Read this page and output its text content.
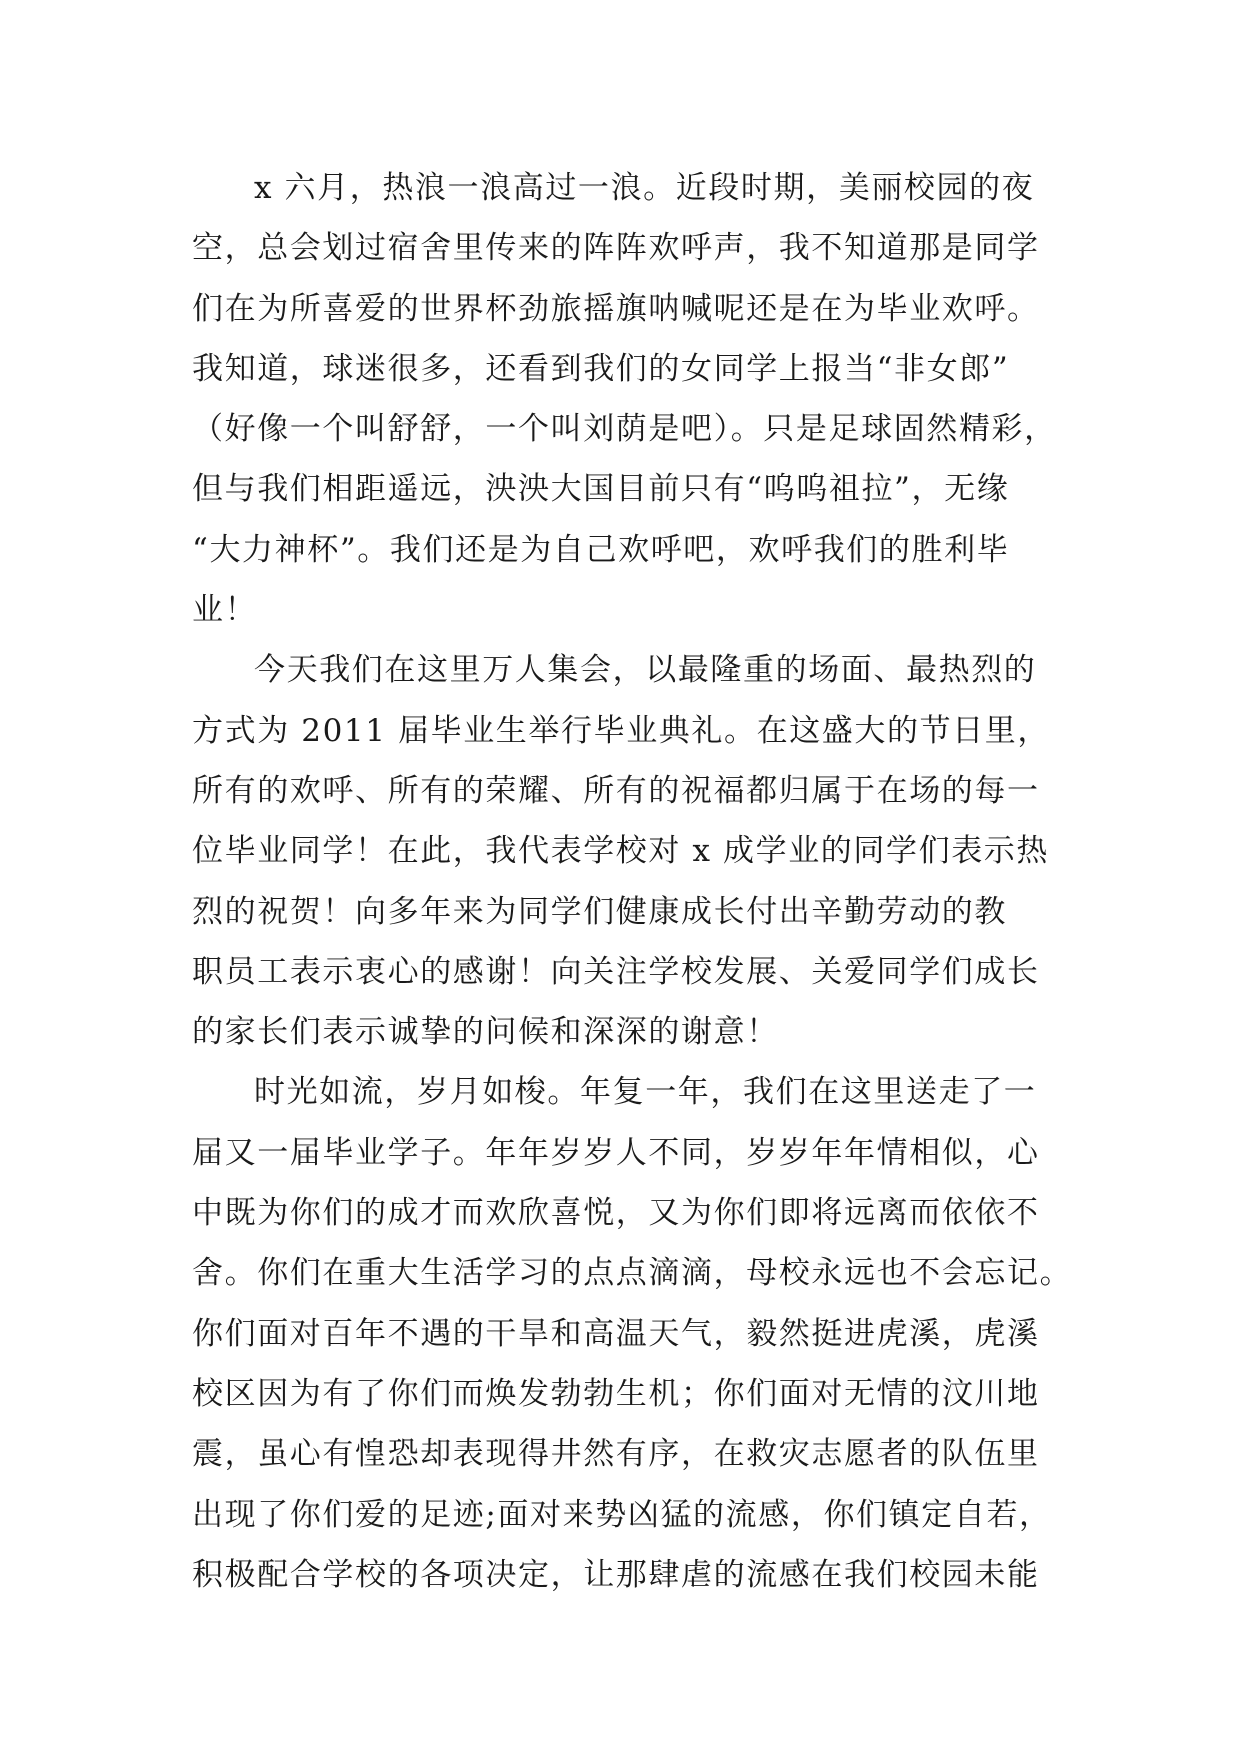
x 六月，热浪一浪高过一浪。近段时期，美丽校园的夜
空，总会划过宿舍里传来的阵阵欢呼声，我不知道那是同学
们在为所喜爱的世界杯劲旅摇旗呐喊呢还是在为毕业欢呼。
我知道，球迷很多，还看到我们的女同学上报当“非女郎”
（好像一个叫舒舒，一个叫刘荫是吧）。只是足球固然精彩，
但与我们相距遥远，泱泱大国目前只有“呜呜祖拉”，无缘
“大力神杯”。我们还是为自己欢呼吧，欢呼我们的胜利毕
业！
今天我们在这里万人集会，以最隆重的场面、最热烈的
方式为 2011 届毕业生举行毕业典礼。在这盛大的节日里，
所有的欢呼、所有的荣耀、所有的祝福都归属于在场的每一
位毕业同学！在此，我代表学校对 x 成学业的同学们表示热
烈的祝贺！向多年来为同学们健康成长付出辛勤劳动的教
职员工表示衷心的感谢！向关注学校发展、关爱同学们成长
的家长们表示诚挚的问候和深深的谢意！
时光如流，岁月如梭。年复一年，我们在这里送走了一
届又一届毕业学子。年年岁岁人不同，岁岁年年情相似，心
中既为你们的成才而欢欣喜悦，又为你们即将远离而依依不
舍。你们在重大生活学习的点点滴滴，母校永远也不会忘记。
你们面对百年不遇的干旱和高温天气，毅然挺进虎溪，虎溪
校区因为有了你们而焕发勃勃生机；你们面对无情的汶川地
震，虽心有惶恐却表现得井然有序，在救灾志愿者的队伍里
出现了你们爱的足迹;面对来势凶猛的流感，你们镇定自若，
积极配合学校的各项决定，让那肆虐的流感在我们校园未能
